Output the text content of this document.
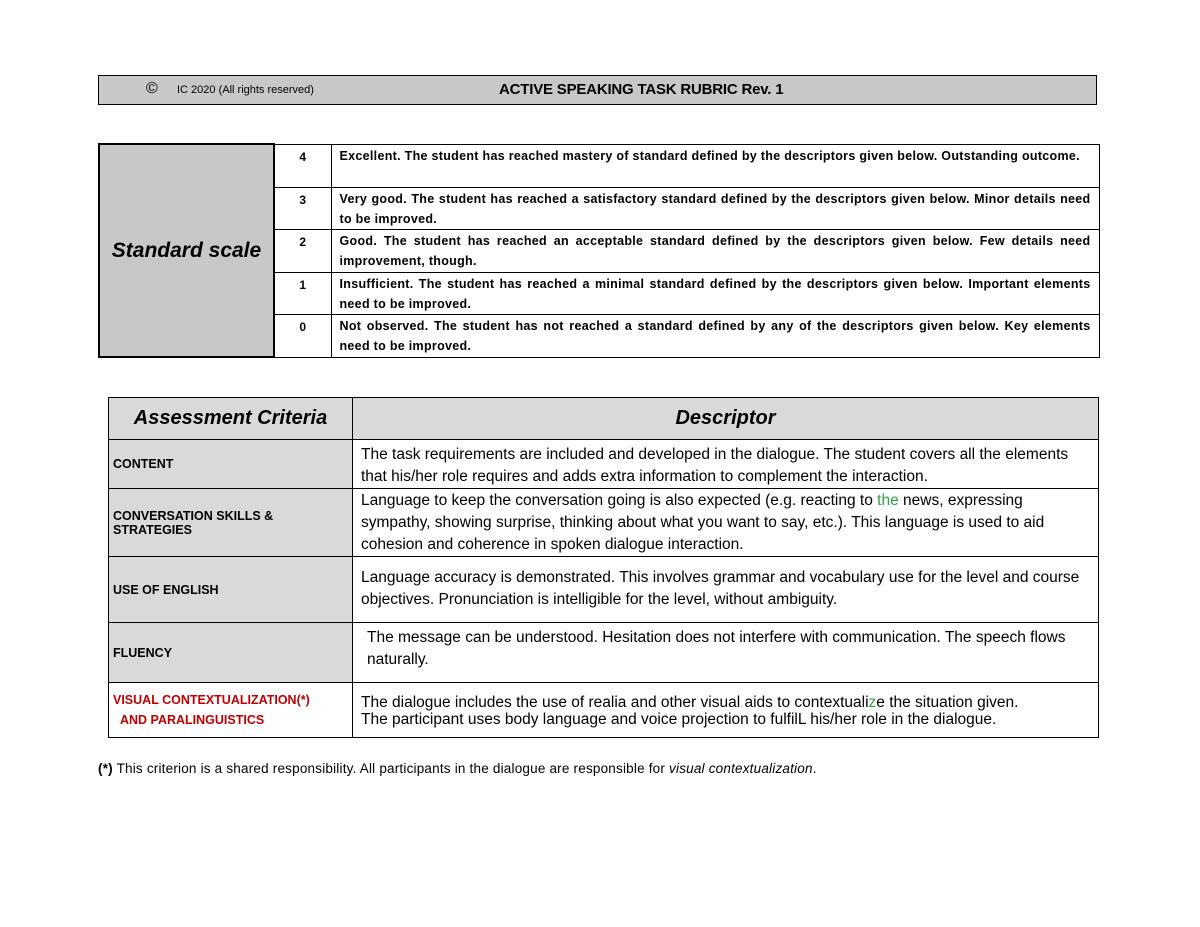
© IC 2020 (All rights reserved)	ACTIVE SPEAKING TASK RUBRIC Rev. 1
Standard scale	4	Excellent. The student has reached mastery of standard defined by the descriptors given below. Outstanding outcome.
	3	Very good. The student has reached a satisfactory standard defined by the descriptors given below. Minor details need to be improved.
	2	Good. The student has reached an acceptable standard defined by the descriptors given below. Few details need improvement, though.
	1	Insufficient. The student has reached a minimal standard defined by the descriptors given below. Important elements need to be improved.
	0	Not observed. The student has not reached a standard defined by any of the descriptors given below. Key elements need to be improved.
Assessment Criteria	Descriptor
CONTENT	The task requirements are included and developed in the dialogue. The student covers all the elements that his/her role requires and adds extra information to complement the interaction.
CONVERSATION SKILLS & STRATEGIES	Language to keep the conversation going is also expected (e.g. reacting to the news, expressing sympathy, showing surprise, thinking about what you want to say, etc.). This language is used to aid cohesion and coherence in spoken dialogue interaction.
USE OF ENGLISH	Language accuracy is demonstrated. This involves grammar and vocabulary use for the level and course objectives. Pronunciation is intelligible for the level, without ambiguity.
FLUENCY	The message can be understood. Hesitation does not interfere with communication. The speech flows naturally.
VISUAL CONTEXTUALIZATION(*)
AND PARALINGUISTICS	The dialogue includes the use of realia and other visual aids to contextualize the situation given.
The participant uses body language and voice projection to fulfilL his/her role in the dialogue.
(*) This criterion is a shared responsibility. All participants in the dialogue are responsible for visual contextualization.
